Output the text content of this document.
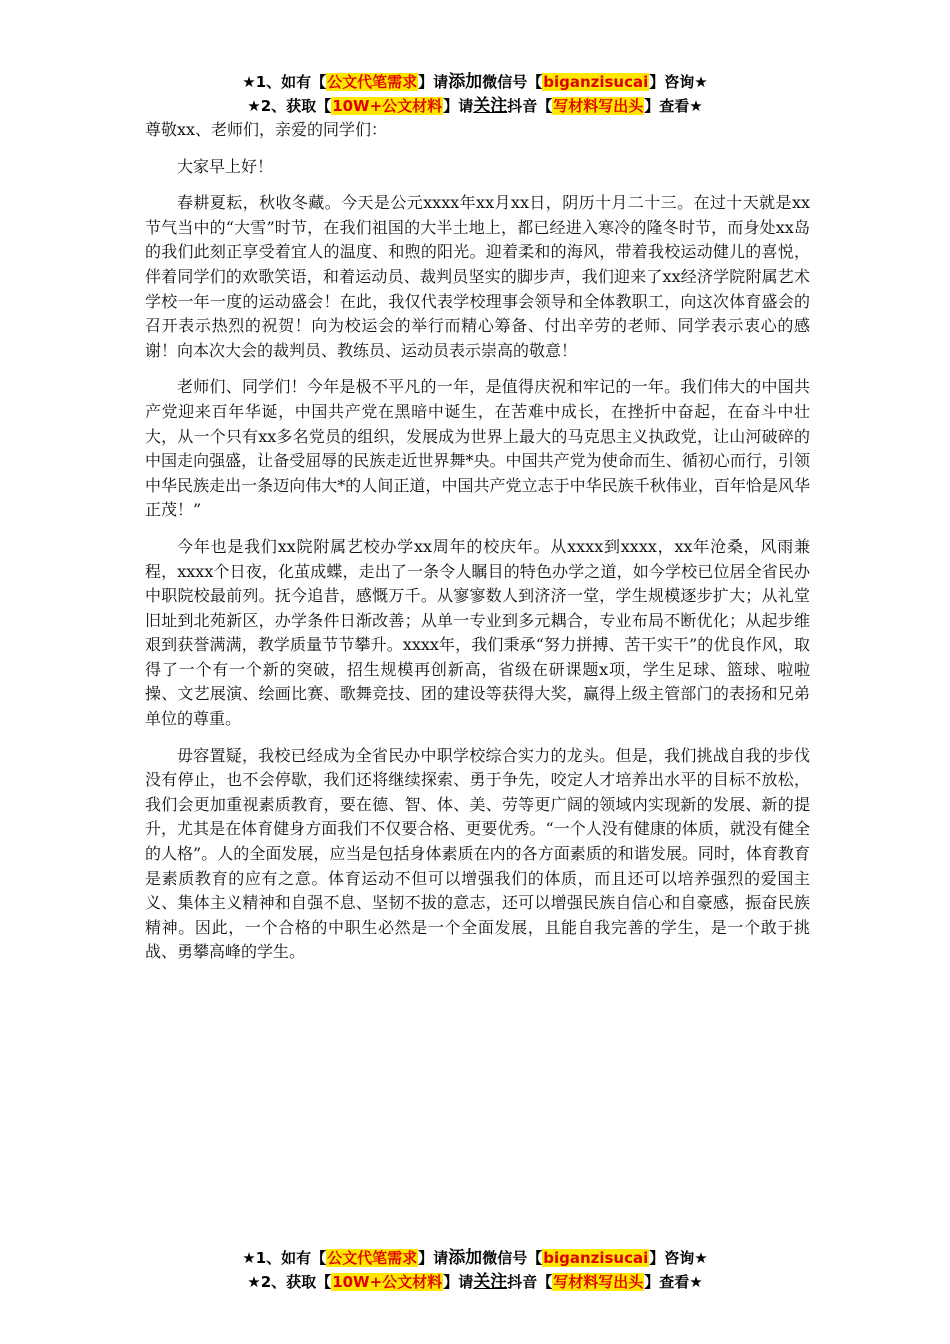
★1、如有【公文代笔需求】请添加微信号【biganzisucai】咨询★
★2、获取【10W+公文材料】请关注抖音【写材料写出头】查看★

尊敬xx、老师们，亲爱的同学们：

大家早上好！

春耕夏耘，秋收冬藏。今天是公元xxxx年xx月xx日，阴历十月二十三。在过十天就是xx节气当中的“大雪”时节，在我们祖国的大半土地上，都已经进入寒冷的隆冬时节，而身处xx岛的我们此刻正享受着宜人的温度、和煦的阳光。迎着柔和的海风，带着我校运动健儿的喜悦，伴着同学们的欢歌笑语，和着运动员、裁判员坚实的脚步声，我们迎来了xx经济学院附属艺术学校一年一度的运动盛会！在此，我仅代表学校理事会领导和全体教职工，向这次体育盛会的召开表示热烈的祝贺！向为校运会的举行而精心筹备、付出辛劳的老师、同学表示衷心的感谢！向本次大会的裁判员、教练员、运动员表示崇高的敬意！

老师们、同学们！今年是极不平凡的一年，是值得庆祝和牢记的一年。我们伟大的中国共产党迎来百年华诞，中国共产党在黑暗中诞生，在苦难中成长，在挫折中奋起，在奋斗中壮大，从一个只有xx多名党员的组织，发展成为世界上最大的马克思主义执政党，让山河破碎的中国走向强盛，让备受屈辱的民族走近世界舞*央。中国共产党为使命而生、循初心而行，引领中华民族走出一条迈向伟大*的人间正道，中国共产党立志于中华民族千秋伟业，百年恰是风华正茂！”

今年也是我们xx院附属艺校办学xx周年的校庆年。从xxxx到xxxx，xx年沧桑，风雨兼程，xxxx个日夜，化茧成蝶，走出了一条令人瞩目的特色办学之道，如今学校已位居全省民办中职院校最前列。抚今追昔，感慨万千。从寥寥数人到济济一堂，学生规模逐步扩大；从礼堂旧址到北苑新区，办学条件日渐改善；从单一专业到多元耦合，专业布局不断优化；从起步维艰到获誉满满，教学质量节节攀升。xxxx年，我们秉承“努力拼搏、苦干实干”的优良作风，取得了一个有一个新的突破，招生规模再创新高，省级在研课题x项，学生足球、篮球、啦啦操、文艺展演、绘画比赛、歌舞竞技、团的建设等获得大奖，赢得上级主管部门的表扬和兄弟单位的尊重。

毋容置疑，我校已经成为全省民办中职学校综合实力的龙头。但是，我们挑战自我的步伐没有停止，也不会停歇，我们还将继续探索、勇于争先，咬定人才培养出水平的目标不放松，我们会更加重视素质教育，要在德、智、体、美、劳等更广阔的领域内实现新的发展、新的提升，尤其是在体育健身方面我们不仅要合格、更要优秀。“一个人没有健康的体质，就没有健全的人格”。人的全面发展，应当是包括身体素质在内的各方面素质的和谐发展。同时，体育教育是素质教育的应有之意。体育运动不但可以增强我们的体质，而且还可以培养强烈的爱国主义、集体主义精神和自强不息、坚韧不拔的意志，还可以增强民族自信心和自豪感，振奋民族精神。因此，一个合格的中职生必然是一个全面发展，且能自我完善的学生，是一个敢于挑战、勇攀高峰的学生。

★1、如有【公文代笔需求】请添加微信号【biganzisucai】咨询★
★2、获取【10W+公文材料】请关注抖音【写材料写出头】查看★
